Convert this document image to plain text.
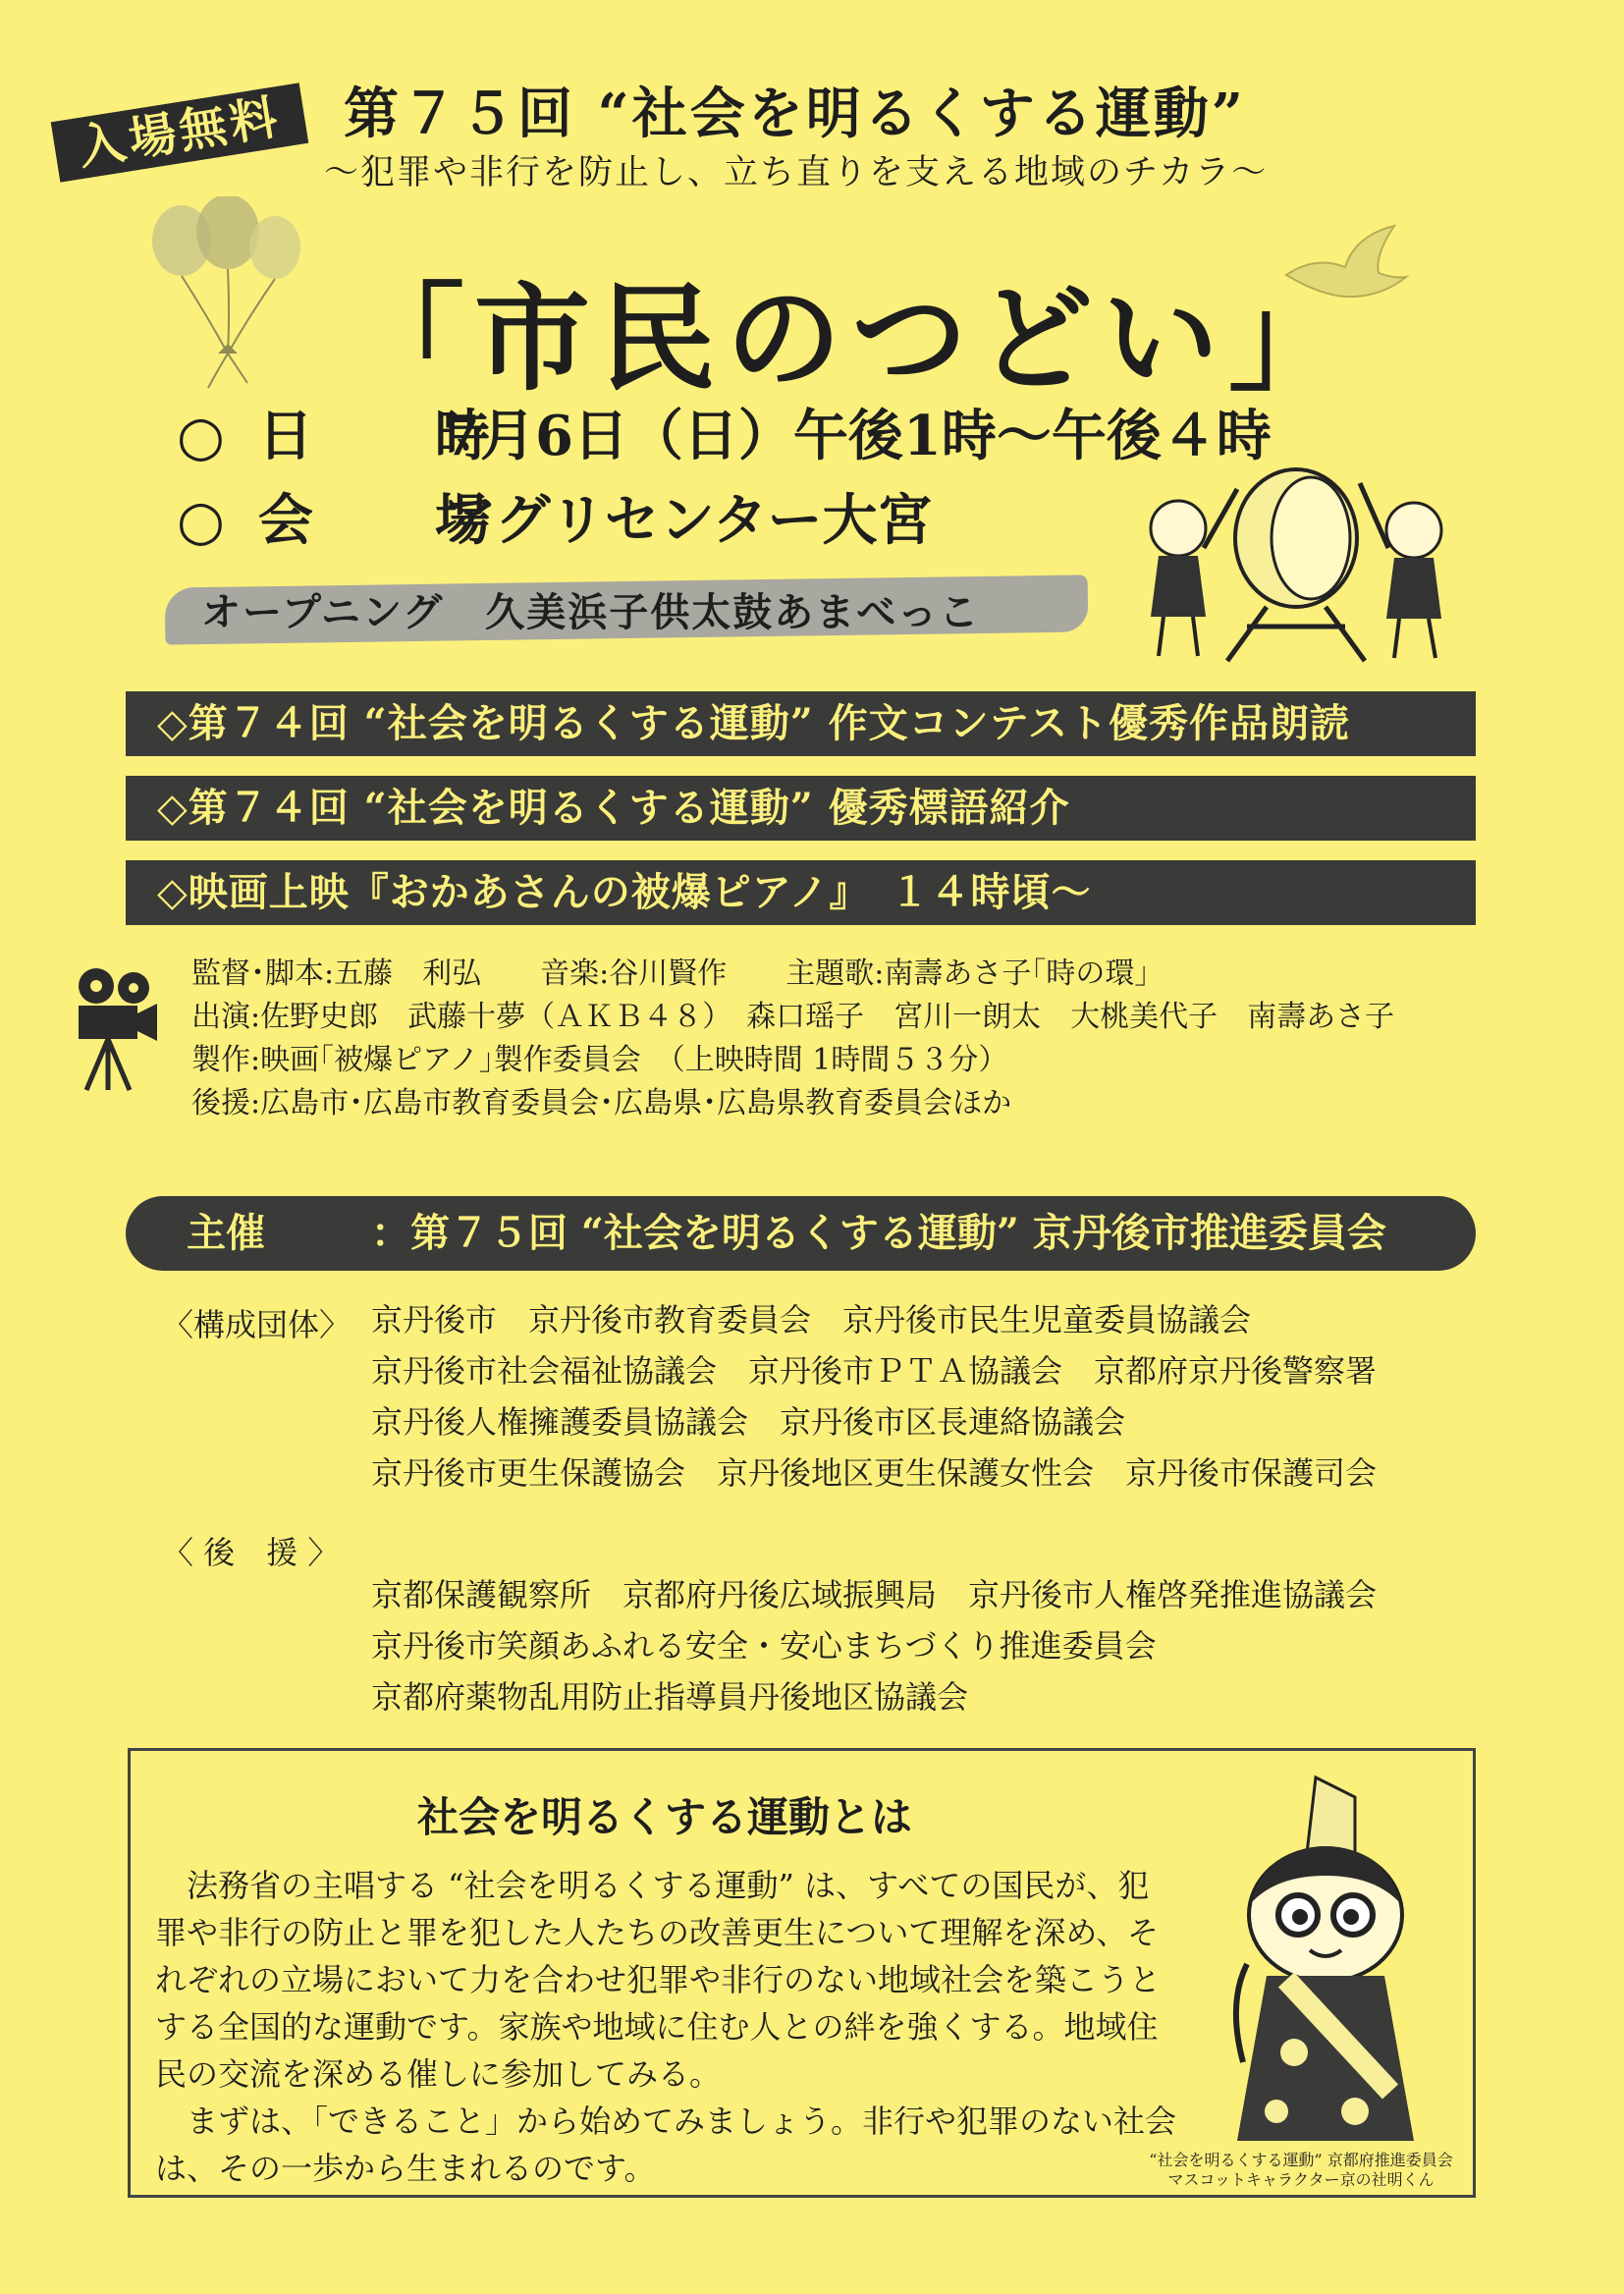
入場無料	第７５回 “社会を明るくする運動”
～犯罪や非行を防止し、立ち直りを支える地域のチカラ～
「市民のつどい」
○日　時7月6日（日）午後1時～午後４時
○会　場アグリセンター大宮
オープニング　久美浜子供太鼓あまべっこ
◇第７４回 “社会を明るくする運動” 作文コンテスト優秀作品朗読
◇第７４回 “社会を明るくする運動” 優秀標語紹介
◇映画上映『おかあさんの被爆ピアノ』　１４時頃～
監督･脚本:五藤　利弘　　音楽:谷川賢作　　主題歌:南壽あさ子｢時の環｣
出演:佐野史郎　武藤十夢（ＡＫＢ４８）　森口瑶子　宮川一朗太　大桃美代子　南壽あさ子
製作:映画｢被爆ピアノ｣製作委員会　（上映時間 1時間５３分）
後援:広島市･広島市教育委員会･広島県･広島県教育委員会ほか
主催	：第７５回 “社会を明るくする運動” 京丹後市推進委員会
〈構成団体〉 京丹後市　京丹後市教育委員会　京丹後市民生児童委員協議会
京丹後市社会福祉協議会　京丹後市ＰＴＡ協議会　京都府京丹後警察署
京丹後人権擁護委員協議会　京丹後市区長連絡協議会
京丹後市更生保護協会　京丹後地区更生保護女性会　京丹後市保護司会
〈 後　援 〉
京都保護観察所　京都府丹後広域振興局　京丹後市人権啓発推進協議会
京丹後市笑顔あふれる安全・安心まちづくり推進委員会
京都府薬物乱用防止指導員丹後地区協議会
社会を明るくする運動とは

　法務省の主唱する “社会を明るくする運動” は、すべての国民が、犯罪や非行の防止と罪を犯した人たちの改善更生について理解を深め、それぞれの立場において力を合わせ犯罪や非行のない地域社会を築こうとする全国的な運動です。家族や地域に住む人との絆を強くする。地域住民の交流を深める催しに参加してみる。

　まずは、「できること」から始めてみましょう。非行や犯罪のない社会は、その一歩から生まれるのです。	“社会を明るくする運動” 京都府推進委員会
マスコットキャラクター京の社明くん
